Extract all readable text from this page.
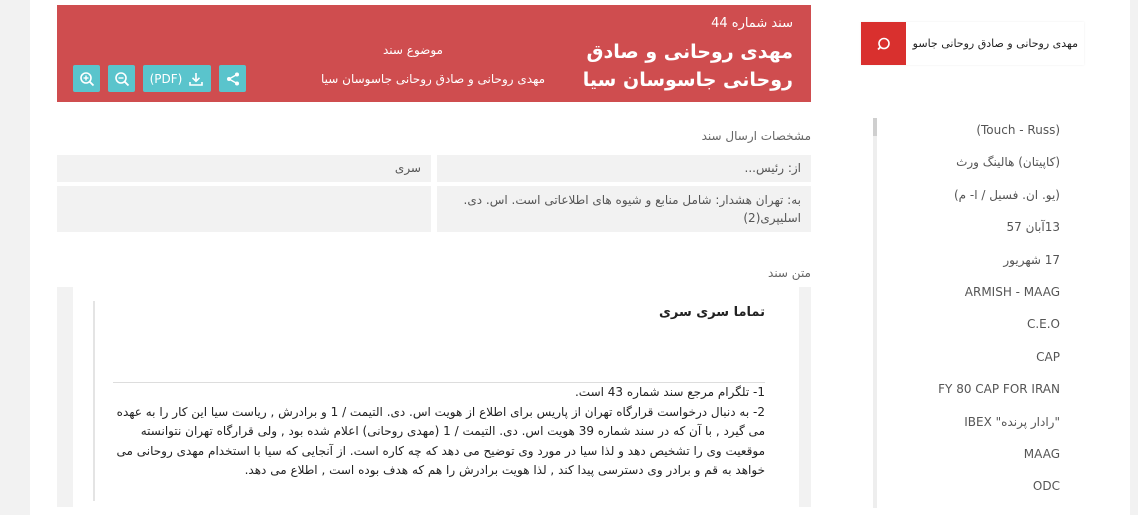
سند شماره 44
مهدی روحانی و صادق روحانی جاسوسان سیا
موضوع سند
مهدی روحانی و صادق روحانی جاسوسان سیا
(PDF)
مشخصات ارسال سند
از: رئیس...
سری
به: تهران هشدار: شامل منابع و شیوه های اطلاعاتی است. اس. دی. اسلیپری(2)
متن سند
تماما سری سری
1- تلگرام مرجع سند شماره 43 است.
2- به دنبال درخواست قرارگاه تهران از پاریس برای اطلاع از هویت اس. دی. التیمت / 1 و برادرش , ریاست سیا این کار را به عهده می گیرد , با آن که در سند شماره 39 هویت اس. دی. التیمت / 1 (مهدی روحانی) اعلام شده بود , ولی قرارگاه تهران نتوانسته موقعیت وی را تشخیص دهد و لذا سیا در مورد وی توضیح می دهد که چه کاره است. از آنجایی که سیا با استخدام مهدی روحانی می خواهد به قم و برادر وی دسترسی پیدا کند , لذا هویت برادرش را هم که هدف بوده است , اطلاع می دهد.
مهدی روحانی و صادق روحانی جاسوسان سیا
(Touch - Russ)
(کاپیتان) هالینگ ورث
(یو. ان. فسیل / ا- م)
13آبان 57
17 شهریور
ARMISH - MAAG
C.E.O
CAP
FY 80 CAP FOR IRAN
IBEX "رادار پرنده"
MAAG
ODC
